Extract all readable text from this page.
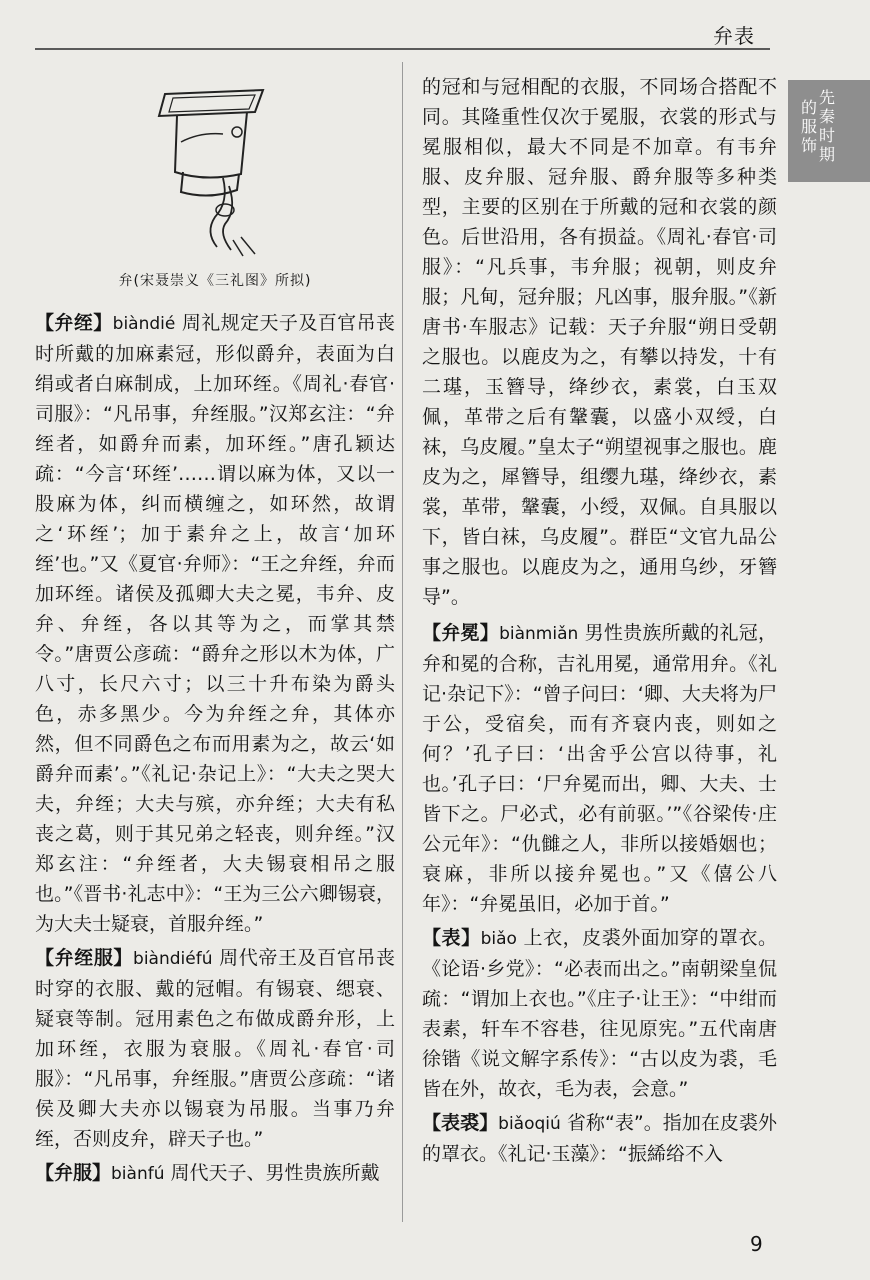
弁表
先秦时期
的服饰
弁(宋聂崇义《三礼图》所拟)

【弁绖】biàndié 周礼规定天子及百官吊丧时所戴的加麻素冠，形似爵弁，表面为白绢或者白麻制成，上加环绖。《周礼·春官·司服》：“凡吊事，弁绖服。”汉郑玄注：“弁绖者，如爵弁而素，加环绖。”唐孔颖达疏：“今言‘环绖’……谓以麻为体，又以一股麻为体，纠而横缠之，如环然，故谓之‘环绖’；加于素弁之上，故言‘加环绖’也。”又《夏官·弁师》：“王之弁绖，弁而加环绖。诸侯及孤卿大夫之冕，韦弁、皮弁、弁绖，各以其等为之，而掌其禁令。”唐贾公彦疏：“爵弁之形以木为体，广八寸，长尺六寸；以三十升布染为爵头色，赤多黑少。今为弁绖之弁，其体亦然，但不同爵色之布而用素为之，故云‘如爵弁而素’。”《礼记·杂记上》：“大夫之哭大夫，弁绖；大夫与殡，亦弁绖；大夫有私丧之葛，则于其兄弟之轻丧，则弁绖。”汉郑玄注：“弁绖者，大夫锡衰相吊之服也。”《晋书·礼志中》：“王为三公六卿锡衰，为大夫士疑衰，首服弁绖。”

【弁绖服】biàndiéfú 周代帝王及百官吊丧时穿的衣服、戴的冠帽。有锡衰、缌衰、疑衰等制。冠用素色之布做成爵弁形，上加环绖，衣服为衰服。《周礼·春官·司服》：“凡吊事，弁绖服。”唐贾公彦疏：“诸侯及卿大夫亦以锡衰为吊服。当事乃弁绖，否则皮弁，辟天子也。”

【弁服】biànfú 周代天子、男性贵族所戴

的冠和与冠相配的衣服，不同场合搭配不同。其隆重性仅次于冕服，衣裳的形式与冕服相似，最大不同是不加章。有韦弁服、皮弁服、冠弁服、爵弁服等多种类型，主要的区别在于所戴的冠和衣裳的颜色。后世沿用，各有损益。《周礼·春官·司服》：“凡兵事，韦弁服；视朝，则皮弁服；凡甸，冠弁服；凡凶事，服弁服。”《新唐书·车服志》记载：天子弁服“朔日受朝之服也。以鹿皮为之，有攀以持发，十有二璂，玉簪导，绛纱衣，素裳，白玉双佩，革带之后有鞶囊，以盛小双绶，白袜，乌皮履。”皇太子“朔望视事之服也。鹿皮为之，犀簪导，组缨九璂，绛纱衣，素裳，革带，鞶囊，小绶，双佩。自具服以下，皆白袜，乌皮履”。群臣“文官九品公事之服也。以鹿皮为之，通用乌纱，牙簪导”。

【弁冕】biànmiǎn 男性贵族所戴的礼冠，弁和冕的合称，吉礼用冕，通常用弁。《礼记·杂记下》：“曾子问曰：‘卿、大夫将为尸于公，受宿矣，而有齐衰内丧，则如之何？’孔子曰：‘出舍乎公宫以待事，礼也。’孔子曰：‘尸弁冕而出，卿、大夫、士皆下之。尸必式，必有前驱。’”《谷梁传·庄公元年》：“仇雠之人，非所以接婚姻也；衰麻，非所以接弁冕也。”又《僖公八年》：“弁冕虽旧，必加于首。”

【表】biǎo 上衣，皮裘外面加穿的罩衣。《论语·乡党》：“必表而出之。”南朝梁皇侃疏：“谓加上衣也。”《庄子·让王》：“中绀而表素，轩车不容巷，往见原宪。”五代南唐徐锴《说文解字系传》：“古以皮为裘，毛皆在外，故衣，毛为表，会意。”

【表裘】biǎoqiú 省称“表”。指加在皮裘外的罩衣。《礼记·玉藻》：“振絺绤不入

9
